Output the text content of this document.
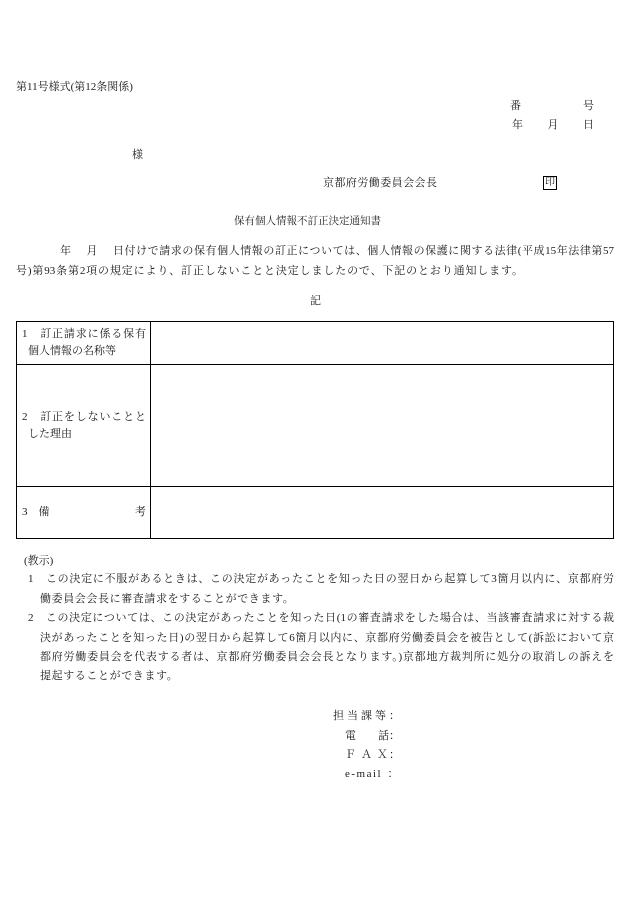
第11号様式(第12条関係)
番　　　　　号
年　　月　　日
様
京都府労働委員会会長	印
保有個人情報不訂正決定通知書
年　 月　 日付けで請求の保有個人情報の訂正については、個人情報の保護に関する法律(平成15年法律第57
号)第93条第2項の規定により、訂正しないことと決定しましたので、下記のとおり通知します。
記
1　訂正請求に係る保有
個人情報の名称等	

2　訂正をしないことと
した理由	

3　備 考	

(教示)
1　この決定に不服があるときは、この決定があったことを知った日の翌日から起算して3箇月以内に、京都府労
働委員会会長に審査請求をすることができます。
2　この決定については、この決定があったことを知った日(1の審査請求をした場合は、当該審査請求に対する裁
決があったことを知った日)の翌日から起算して6箇月以内に、京都府労働委員会を被告として(訴訟において京
都府労働委員会を代表する者は、京都府労働委員会会長となります。)京都地方裁判所に処分の取消しの訴えを
提起することができます。
担当課等：
電　　話：
Ｆ Ａ Ｘ：
e-mail：
